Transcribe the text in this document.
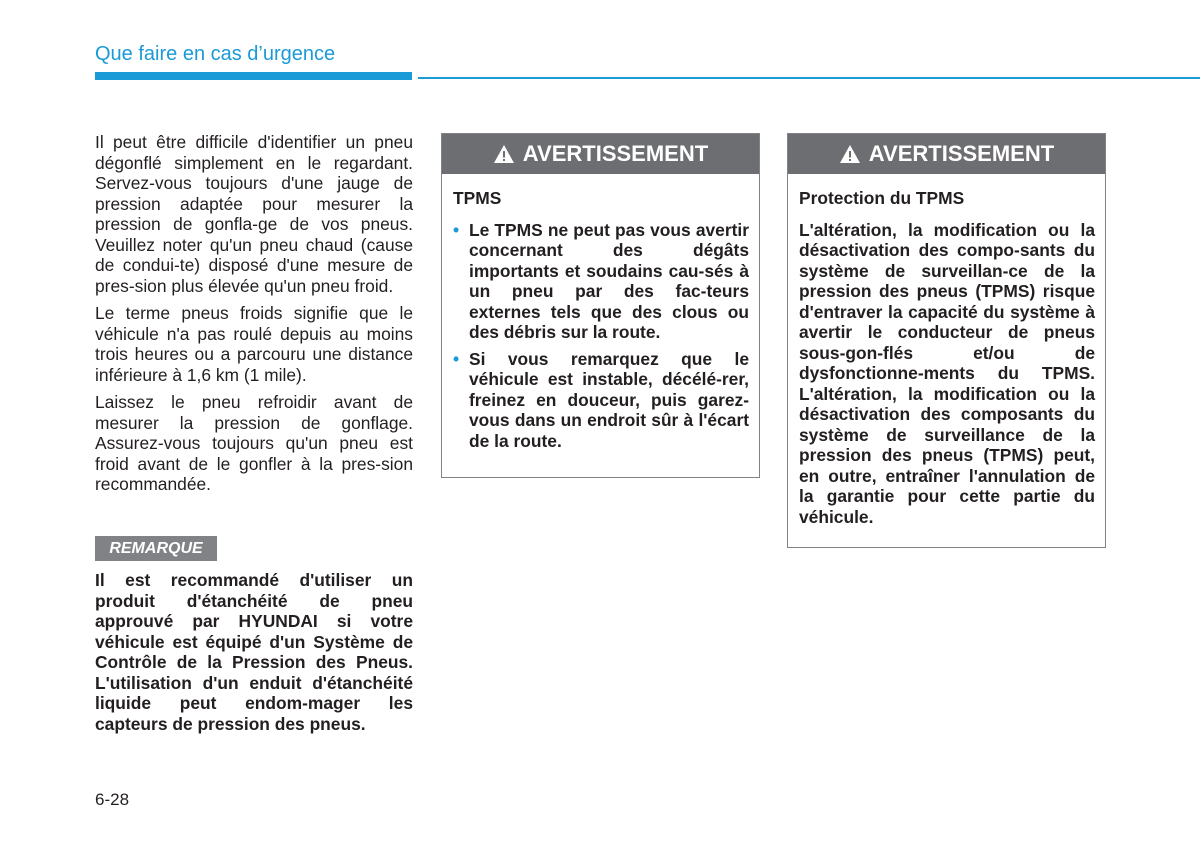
Que faire en cas d’urgence

Il peut être difficile d'identifier un pneu dégonflé simplement en le regardant. Servez-vous toujours d'une jauge de pression adaptée pour mesurer la pression de gonfla-ge de vos pneus. Veuillez noter qu'un pneu chaud (cause de condui-te) disposé d'une mesure de pres-sion plus élevée qu'un pneu froid.

Le terme pneus froids signifie que le véhicule n'a pas roulé depuis au moins trois heures ou a parcouru une distance inférieure à 1,6 km (1 mile).

Laissez le pneu refroidir avant de mesurer la pression de gonflage. Assurez-vous toujours qu'un pneu est froid avant de le gonfler à la pres-sion recommandée.

REMARQUE

Il est recommandé d'utiliser un produit d'étanchéité de pneu approuvé par HYUNDAI si votre véhicule est équipé d'un Système de Contrôle de la Pression des Pneus. L'utilisation d'un enduit d'étanchéité liquide peut endom-mager les capteurs de pression des pneus.

AVERTISSEMENT

TPMS

• Le TPMS ne peut pas vous avertir concernant des dégâts importants et soudains cau-sés à un pneu par des fac-teurs externes tels que des clous ou des débris sur la route.
• Si vous remarquez que le véhicule est instable, décélé-rer, freinez en douceur, puis garez-vous dans un endroit sûr à l'écart de la route.
AVERTISSEMENT

Protection du TPMS

L'altération, la modification ou la désactivation des compo-sants du système de surveillan-ce de la pression des pneus (TPMS) risque d'entraver la capacité du système à avertir le conducteur de pneus sous-gon-flés et/ou de dysfonctionne-ments du TPMS. L'altération, la modification ou la désactivation des composants du système de surveillance de la pression des pneus (TPMS) peut, en outre, entraîner l'annulation de la garantie pour cette partie du véhicule.

6-28
